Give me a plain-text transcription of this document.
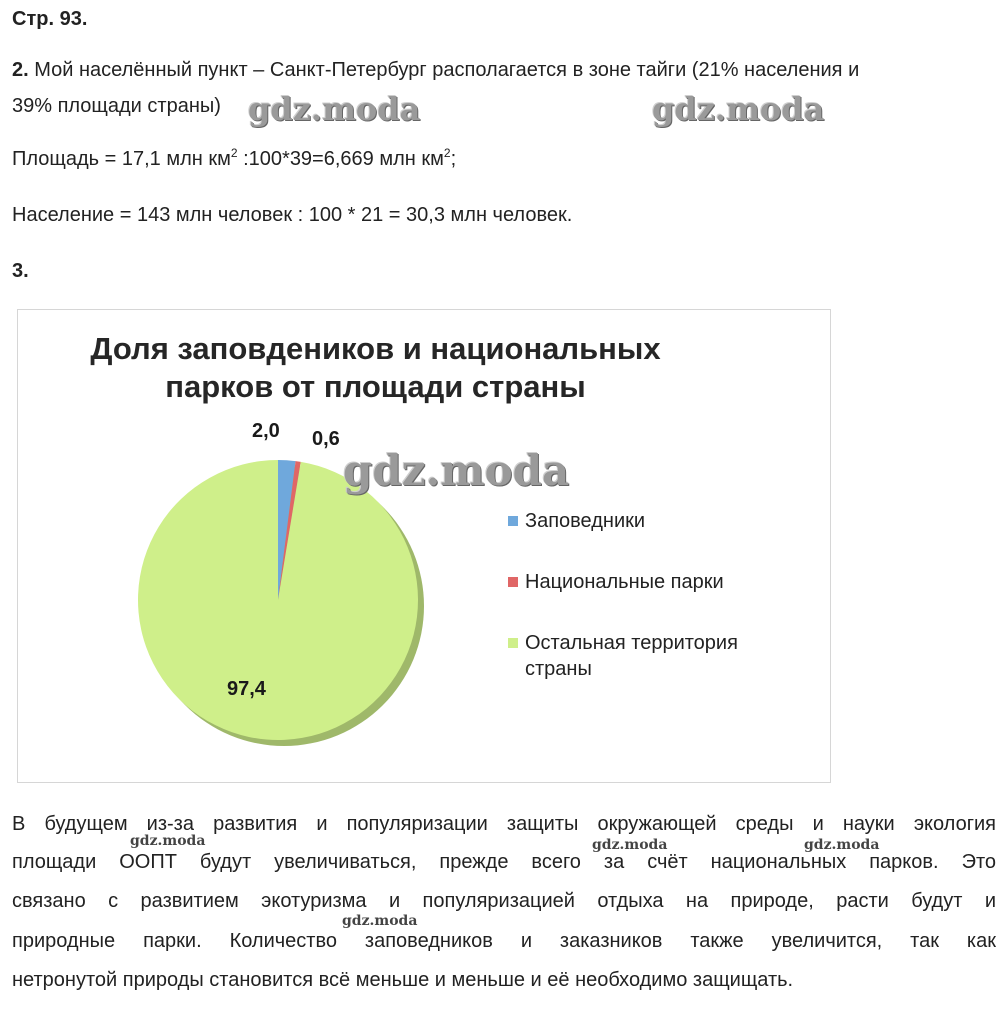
Стр. 93.
2. Мой населённый пункт – Санкт-Петербург располагается в зоне тайги (21% населения и
39% площади страны)
Площадь = 17,1 млн $км^2$ :100*39=6,669 млн $км^2$;
Население = 143 млн человек : 100 * 21 = 30,3 млн человек.
3.
gdz.moda	gdz.moda
Доля заповдеников и национальных
парков от площади страны
2,0 0,6
97,4
Заповедники
Национальные парки
Остальная территория
страны
gdz.moda
В будущем из-за развития и популяризации защиты окружающей среды и науки экология
площади ООПТ будут увеличиваться, прежде всего за счёт национальных парков. Это
связано с развитием экотуризма и популяризацией отдыха на природе, расти будут и
природные парки. Количество заповедников и заказников также увеличится, так как
нетронутой природы становится всё меньше и меньше и её необходимо защищать.
gdz.moda	gdz.moda	gdz.moda
gdz.moda
